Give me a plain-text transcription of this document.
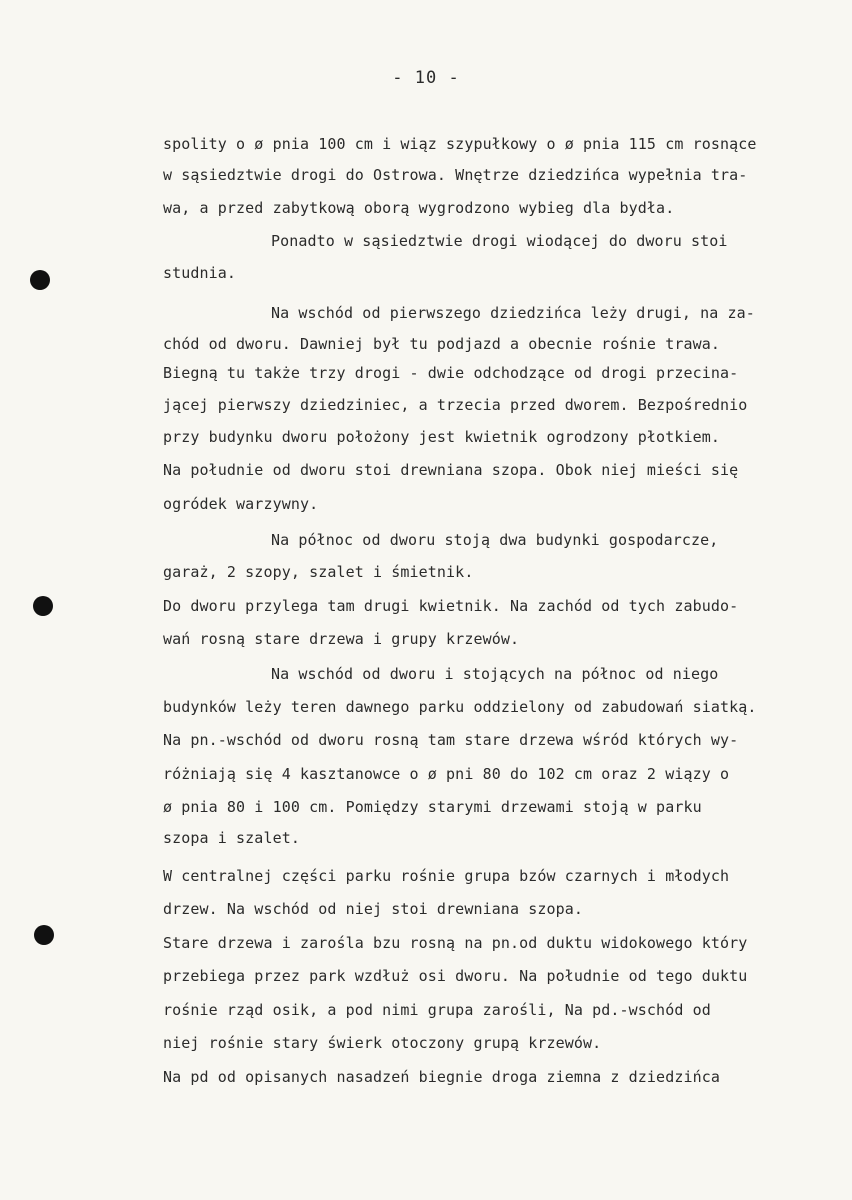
- 10 -
spolity o ø pnia 100 cm i wiąz szypułkowy o ø pnia 115 cm rosnące
w sąsiedztwie drogi do Ostrowa. Wnętrze dziedzińca wypełnia tra-
wa, a przed zabytkową oborą wygrodzono wybieg dla bydła.
Ponadto w sąsiedztwie drogi wiodącej do dworu stoi
studnia.
Na wschód od pierwszego dziedzińca leży drugi, na za-
chód od dworu. Dawniej był tu podjazd a obecnie rośnie trawa.
Biegną tu także trzy drogi - dwie odchodzące od drogi przecina-
jącej pierwszy dziedziniec, a trzecia przed dworem. Bezpośrednio
przy budynku dworu położony jest kwietnik ogrodzony płotkiem.
Na południe od dworu stoi drewniana szopa. Obok niej mieści się
ogródek warzywny.
Na północ od dworu stoją dwa budynki gospodarcze,
garaż, 2 szopy, szalet i śmietnik.
Do dworu przylega tam drugi kwietnik. Na zachód od tych zabudo-
wań rosną stare drzewa i grupy krzewów.
Na wschód od dworu i stojących na północ od niego
budynków leży teren dawnego parku oddzielony od zabudowań siatką.
Na pn.-wschód od dworu rosną tam stare drzewa wśród których wy-
różniają się 4 kasztanowce o ø pni 80 do 102 cm oraz 2 wiązy o
ø pnia 80 i 100 cm. Pomiędzy starymi drzewami stoją w parku
szopa i szalet.
W centralnej części parku rośnie grupa bzów czarnych i młodych
drzew. Na wschód od niej stoi drewniana szopa.
Stare drzewa i zarośla bzu rosną na pn.od duktu widokowego który
przebiega przez park wzdłuż osi dworu. Na południe od tego duktu
rośnie rząd osik, a pod nimi grupa zarośli, Na pd.-wschód od
niej rośnie stary świerk otoczony grupą krzewów.
Na pd od opisanych nasadzeń biegnie droga ziemna z dziedzińca
